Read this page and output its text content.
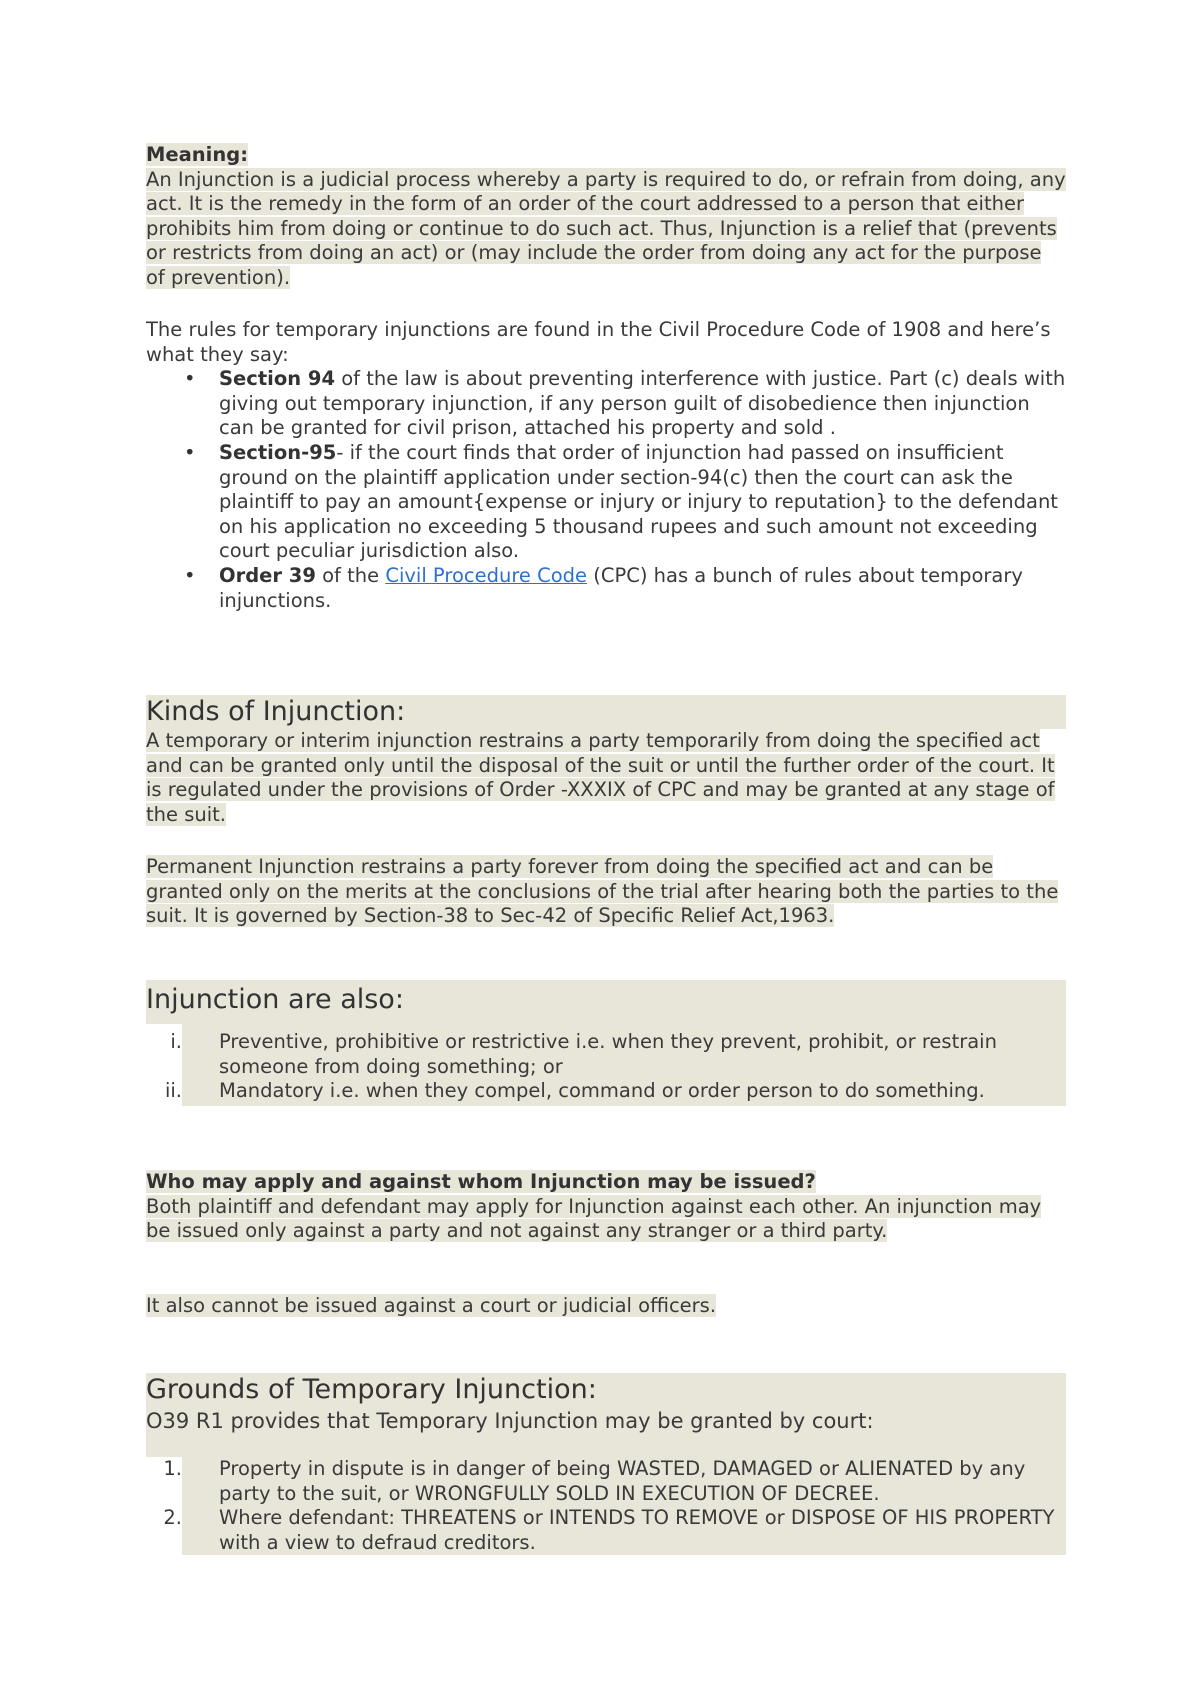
Meaning:

An Injunction is a judicial process whereby a party is required to do, or refrain from doing, any act. It is the remedy in the form of an order of the court addressed to a person that either prohibits him from doing or continue to do such act. Thus, Injunction is a relief that (prevents or restricts from doing an act) or (may include the order from doing any act for the purpose of prevention).

The rules for temporary injunctions are found in the Civil Procedure Code of 1908 and here’s what they say:

• Section 94 of the law is about preventing interference with justice. Part (c) deals with giving out temporary injunction, if any person guilt of disobedience then injunction can be granted for civil prison, attached his property and sold .
• Section-95- if the court finds that order of injunction had passed on insufficient ground on the plaintiff application under section-94(c) then the court can ask the plaintiff to pay an amount{expense or injury or injury to reputation} to the defendant on his application no exceeding 5 thousand rupees and such amount not exceeding court peculiar jurisdiction also.
• Order 39 of the Civil Procedure Code (CPC) has a bunch of rules about temporary injunctions.
Kinds of Injunction:

A temporary or interim injunction restrains a party temporarily from doing the specified act and can be granted only until the disposal of the suit or until the further order of the court. It is regulated under the provisions of Order -XXXIX of CPC and may be granted at any stage of the suit.

Permanent Injunction restrains a party forever from doing the specified act and can be granted only on the merits at the conclusions of the trial after hearing both the parties to the suit. It is governed by Section-38 to Sec-42 of Specific Relief Act,1963.

Injunction are also:
i. Preventive, prohibitive or restrictive i.e. when they prevent, prohibit, or restrain someone from doing something; or
ii. Mandatory i.e. when they compel, command or order person to do something.

Who may apply and against whom Injunction may be issued?

Both plaintiff and defendant may apply for Injunction against each other. An injunction may be issued only against a party and not against any stranger or a third party.

It also cannot be issued against a court or judicial officers.

Grounds of Temporary Injunction:
O39 R1 provides that Temporary Injunction may be granted by court:
1. Property in dispute is in danger of being WASTED, DAMAGED or ALIENATED by any party to the suit, or WRONGFULLY SOLD IN EXECUTION OF DECREE.
2. Where defendant: THREATENS or INTENDS TO REMOVE or DISPOSE OF HIS PROPERTY with a view to defraud creditors.
